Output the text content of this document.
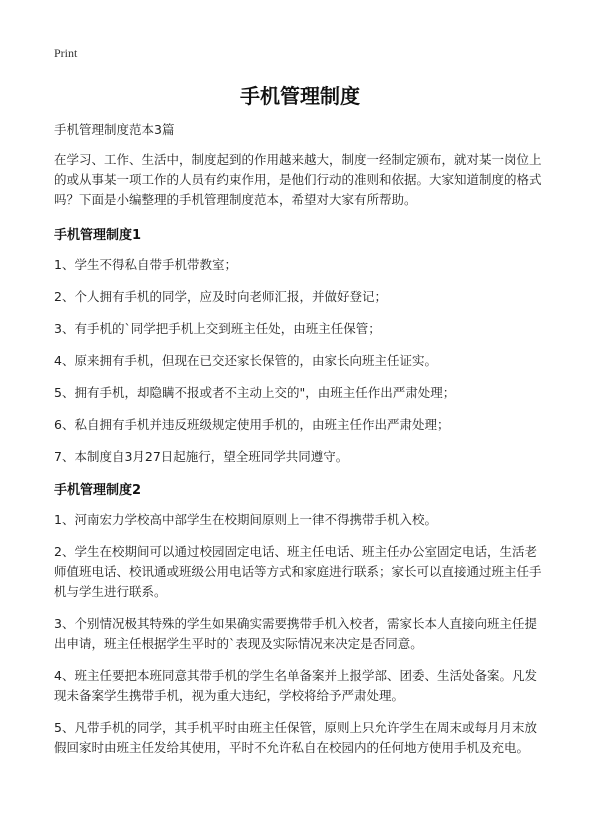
Print
手机管理制度

手机管理制度范本3篇

在学习、工作、生活中，制度起到的作用越来越大，制度一经制定颁布，就对某一岗位上的或从事某一项工作的人员有约束作用，是他们行动的准则和依据。大家知道制度的格式吗？下面是小编整理的手机管理制度范本，希望对大家有所帮助。

手机管理制度1

1、学生不得私自带手机带教室；

2、个人拥有手机的同学，应及时向老师汇报，并做好登记；

3、有手机的`同学把手机上交到班主任处，由班主任保管；

4、原来拥有手机，但现在已交还家长保管的，由家长向班主任证实。

5、拥有手机，却隐瞒不报或者不主动上交的"，由班主任作出严肃处理；

6、私自拥有手机并违反班级规定使用手机的，由班主任作出严肃处理；

7、本制度自3月27日起施行，望全班同学共同遵守。

手机管理制度2

1、河南宏力学校高中部学生在校期间原则上一律不得携带手机入校。

2、学生在校期间可以通过校园固定电话、班主任电话、班主任办公室固定电话，生活老师值班电话、校讯通或班级公用电话等方式和家庭进行联系；家长可以直接通过班主任手机与学生进行联系。

3、个别情况极其特殊的学生如果确实需要携带手机入校者，需家长本人直接向班主任提出申请，班主任根据学生平时的`表现及实际情况来决定是否同意。

4、班主任要把本班同意其带手机的学生名单备案并上报学部、团委、生活处备案。凡发现未备案学生携带手机，视为重大违纪，学校将给予严肃处理。

5、凡带手机的同学，其手机平时由班主任保管，原则上只允许学生在周末或每月月末放假回家时由班主任发给其使用，平时不允许私自在校园内的任何地方使用手机及充电。
